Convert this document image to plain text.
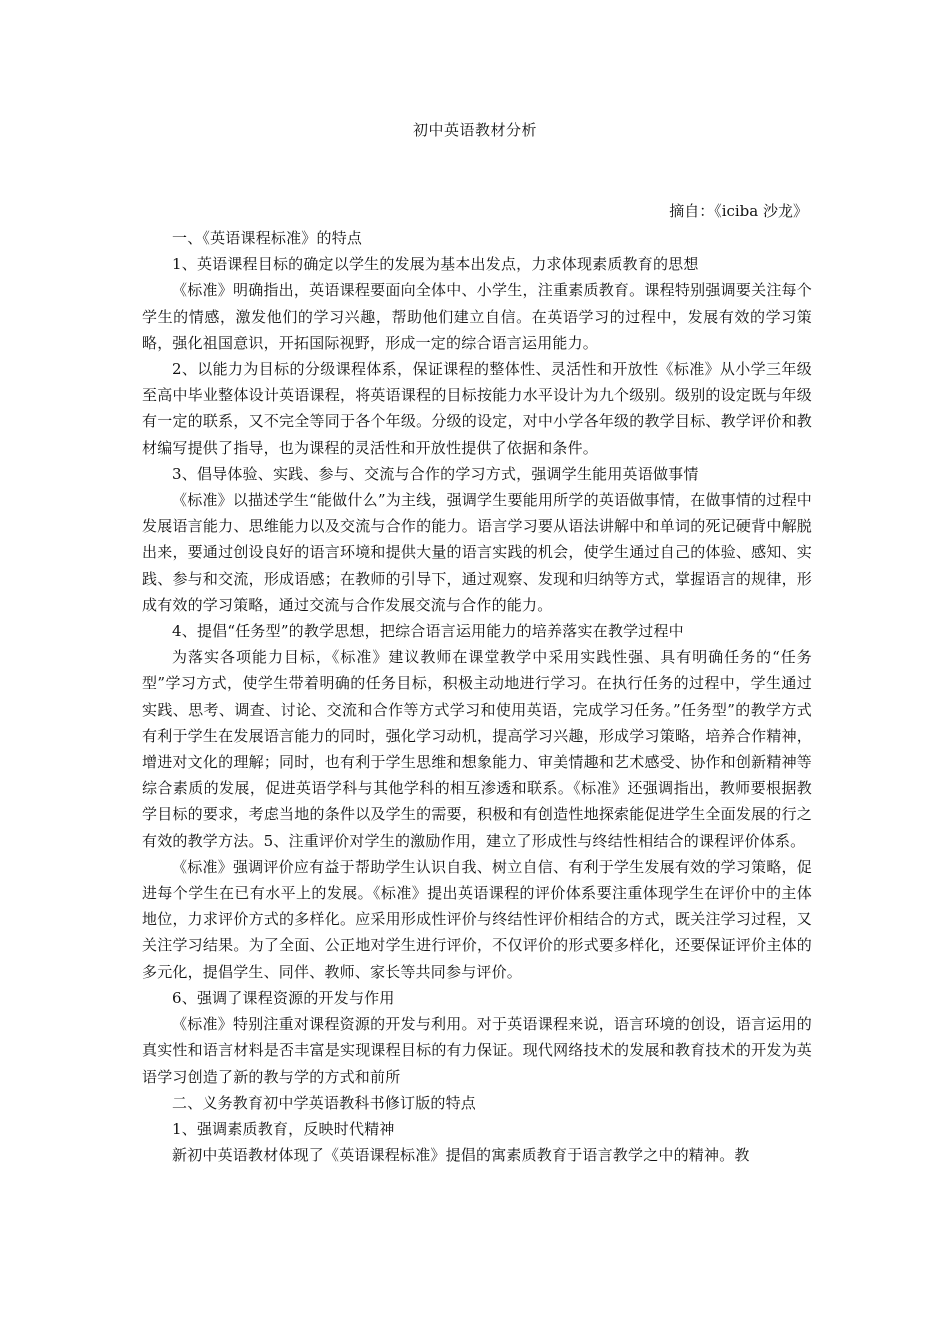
初中英语教材分析
摘自：《iciba 沙龙》

一、《英语课程标准》的特点

1、英语课程目标的确定以学生的发展为基本出发点，力求体现素质教育的思想

《标准》明确指出，英语课程要面向全体中、小学生，注重素质教育。课程特别强调要关注每个学生的情感，激发他们的学习兴趣，帮助他们建立自信。在英语学习的过程中，发展有效的学习策略，强化祖国意识，开拓国际视野，形成一定的综合语言运用能力。

2、以能力为目标的分级课程体系，保证课程的整体性、灵活性和开放性《标准》从小学三年级至高中毕业整体设计英语课程，将英语课程的目标按能力水平设计为九个级别。级别的设定既与年级有一定的联系，又不完全等同于各个年级。分级的设定，对中小学各年级的教学目标、教学评价和教材编写提供了指导，也为课程的灵活性和开放性提供了依据和条件。

3、倡导体验、实践、参与、交流与合作的学习方式，强调学生能用英语做事情

《标准》以描述学生“能做什么”为主线，强调学生要能用所学的英语做事情，在做事情的过程中发展语言能力、思维能力以及交流与合作的能力。语言学习要从语法讲解中和单词的死记硬背中解脱出来，要通过创设良好的语言环境和提供大量的语言实践的机会，使学生通过自己的体验、感知、实践、参与和交流，形成语感；在教师的引导下，通过观察、发现和归纳等方式，掌握语言的规律，形成有效的学习策略，通过交流与合作发展交流与合作的能力。

4、提倡“任务型”的教学思想，把综合语言运用能力的培养落实在教学过程中

为落实各项能力目标，《标准》建议教师在课堂教学中采用实践性强、具有明确任务的“任务型”学习方式，使学生带着明确的任务目标，积极主动地进行学习。在执行任务的过程中，学生通过实践、思考、调查、讨论、交流和合作等方式学习和使用英语，完成学习任务。”任务型”的教学方式有利于学生在发展语言能力的同时，强化学习动机，提高学习兴趣，形成学习策略，培养合作精神，增进对文化的理解；同时，也有利于学生思维和想象能力、审美情趣和艺术感受、协作和创新精神等综合素质的发展，促进英语学科与其他学科的相互渗透和联系。《标准》还强调指出，教师要根据教学目标的要求，考虑当地的条件以及学生的需要，积极和有创造性地探索能促进学生全面发展的行之有效的教学方法。5、注重评价对学生的激励作用，建立了形成性与终结性相结合的课程评价体系。

《标准》强调评价应有益于帮助学生认识自我、树立自信、有利于学生发展有效的学习策略，促进每个学生在已有水平上的发展。《标准》提出英语课程的评价体系要注重体现学生在评价中的主体地位，力求评价方式的多样化。应采用形成性评价与终结性评价相结合的方式，既关注学习过程，又关注学习结果。为了全面、公正地对学生进行评价，不仅评价的形式要多样化，还要保证评价主体的多元化，提倡学生、同伴、教师、家长等共同参与评价。

6、强调了课程资源的开发与作用

《标准》特别注重对课程资源的开发与利用。对于英语课程来说，语言环境的创设，语言运用的真实性和语言材料是否丰富是实现课程目标的有力保证。现代网络技术的发展和教育技术的开发为英语学习创造了新的教与学的方式和前所

二、义务教育初中学英语教科书修订版的特点

1、强调素质教育，反映时代精神

新初中英语教材体现了《英语课程标准》提倡的寓素质教育于语言教学之中的精神。教
